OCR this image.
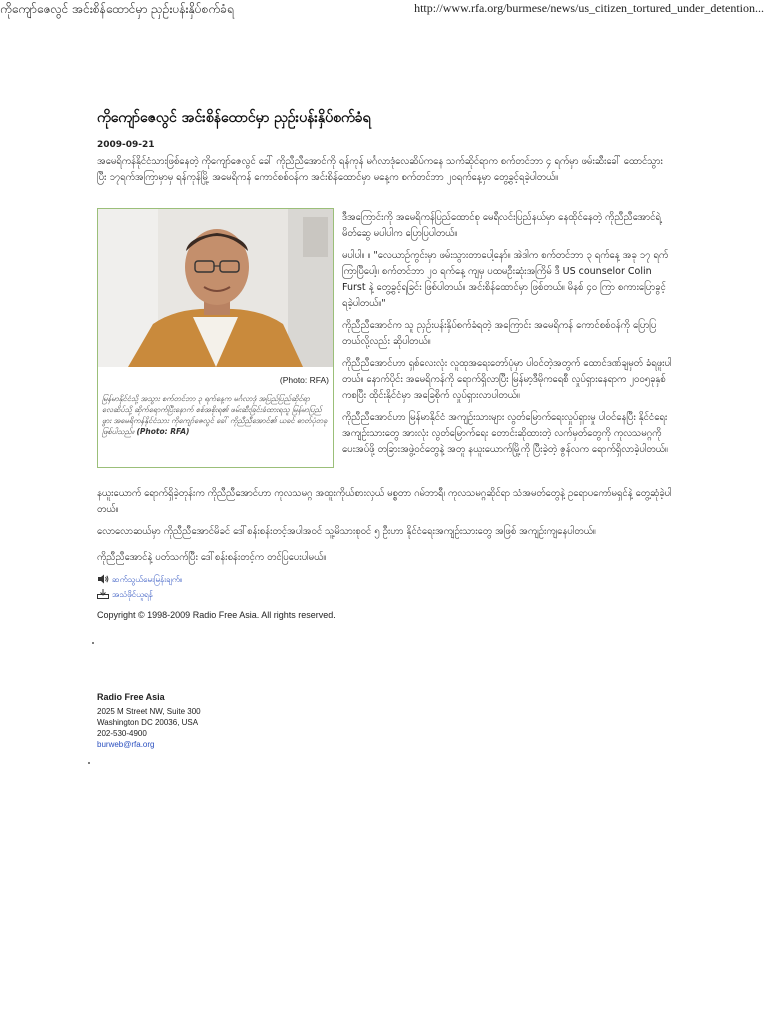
ကိုကျော်ဇေလွင် အင်းစိန်ထောင်မှာ ညှဥ်းပန်းနှိပ်စက်ခံရ	http://www.rfa.org/burmese/news/us_citizen_tortured_under_detention...
ကိုကျော်ဇေလွင် အင်းစိန်ထောင်မှာ ညှဥ်းပန်းနှိပ်စက်ခံရ
2009-09-21

အမေရိကန်နိုင်ငံသားဖြစ်နေတဲ့ ကိုကျော်ဇေလွင် ခေါ် ကိုညီညီအောင်ကို ရန်ကုန် မင်္ဂလာဒုံလေဆိပ်ကနေ သက်ဆိုင်ရာက စက်တင်ဘာ ၄ ရက်မှာ ဖမ်းဆီးခေါ် ထောင်သွားပြီး ၁၇ရက်အကြာမှာမှ ရန်ကုန်မြို့ အမေရိကန် ကောင်စစ်ဝန်က အင်းစိန်ထောင်မှာ မနေ့က စက်တင်ဘာ ၂၀ရက်နေ့မှာ တွေ့ခွင့်ရခဲ့ပါတယ်။

(Photo: RFA)
မြန်မာနိုင်ငံသို့ အသွား စက်တင်ဘာ ၃ ရက်နေ့က မင်္ဂလာဒုံ အပြည်ပြည်ဆိုင်ရာ လေဆိပ်သို့ ဆိုက်ရောက်ပြီးနောက် စစ်အစိုးရ၏ ဖမ်းဆီးခြင်းခံထားရသူ မြန်မာပြည်ဖွား အမေရိကန်နိုင်ငံသား ကိုကျော်ဇေလွင် ခေါ် ကိုညီညီအောင်၏ ယခင် ဓာတ်ပုံတခု ဖြစ်ပါသည်။ (Photo: RFA)

ဒီအကြောင်းကို အမေရိကန်ပြည်ထောင်စု မေရီလင်းပြည်နယ်မှာ နေထိုင်နေတဲ့ ကိုညီညီအောင်ရဲ့ မိတ်ဆွေ မပါပါက ပြောပြပါတယ်။

မပါပါ။ ။ "လေယာဉ်ကွင်းမှာ ဖမ်းသွားတာပေါ့နော်။ အဲဒါက စက်တင်ဘာ ၃ ရက်နေ့ အခု ၁၇ ရက် ကြာပြီပေါ့။ စက်တင်ဘာ ၂၀ ရက်နေ့ ကျမှ ပထမဦးဆုံးအကြိမ် ဒီ US counselor Colin Furst နဲ့ တွေ့ခွင့်ရခြင်း ဖြစ်ပါတယ်။ အင်းစိန်ထောင်မှာ ဖြစ်တယ်။ မိနစ် ၄၀ ကြာ စကားပြောခွင့် ရခဲ့ပါတယ်။"

ကိုညီညီအောင်က သူ ညှဥ်းပန်းနှိပ်စက်ခံရတဲ့ အကြောင်း အမေရိကန် ကောင်စစ်ဝန်ကို ပြောပြတယ်လို့လည်း ဆိုပါတယ်။

ကိုညီညီအောင်ဟာ ရှစ်လေးလုံး လူထုအရေးတော်ပုံမှာ ပါဝင်တဲ့အတွက် ထောင်ဒဏ်ချမှတ် ခံရဖူးပါတယ်။ နောက်ပိုင်း အမေရိကန်ကို ရောက်ရှိလာပြီး မြန်မာ့ဒီမိုကရေစီ လှုပ်ရှားနေရာက ၂၀၀၅ခုနှစ်ကစပြီး ထိုင်းနိုင်ငံမှာ အခြေစိုက် လှုပ်ရှားလာပါတယ်။

ကိုညီညီအောင်ဟာ မြန်မာနိုင်ငံ အကျဉ်းသားများ လွတ်မြောက်ရေးလှုပ်ရှားမှု ပါဝင်နေပြီး နိုင်ငံရေးအကျဉ်းသားတွေ အားလုံး လွတ်မြောက်ရေး တောင်းဆိုထားတဲ့ လက်မှတ်တွေကို ကုလသမဂ္ဂကို ပေးအပ်ဖို့ တခြားအဖွဲ့ဝင်တွေနဲ့ အတူ နယူးယောက်မြို့ကို ပြီးခဲ့တဲ့ ဇွန်လက ရောက်ရှိလာခဲ့ပါတယ်။

နယူးယောက် ရောက်ရှိခဲ့တုန်းက ကိုညီညီအောင်ဟာ ကုလသမဂ္ဂ အထူးကိုယ်စားလှယ် မစ္စတာ ဂမ်ဘာရီ၊ ကုလသမဂ္ဂဆိုင်ရာ သံအမတ်တွေနဲ့ ဥရောပကော်မရှင်နဲ့ တွေ့ဆုံခဲ့ပါတယ်။

လောလောဆယ်မှာ ကိုညီညီအောင်မိခင် ဒေါ်စန်းစန်းတင့်အပါအဝင် သူ့မိသားစုဝင် ၅ ဦးဟာ နိုင်ငံရေးအကျဉ်းသားတွေ အဖြစ် အကျဉ်းကျနေပါတယ်။

ကိုညီညီအောင်နဲ့ ပတ်သက်ပြီး ဒေါ်စန်းစန်းတင့်က တင်ပြပေးပါမယ်။

ဆက်သွယ်မေးမြန်းချက်။
အသံဖိုင်ယူရန်
Copyright © 1998-2009 Radio Free Asia. All rights reserved.
Radio Free Asia
2025 M Street NW, Suite 300
Washington DC 20036, USA
202-530-4900
burweb@rfa.org
